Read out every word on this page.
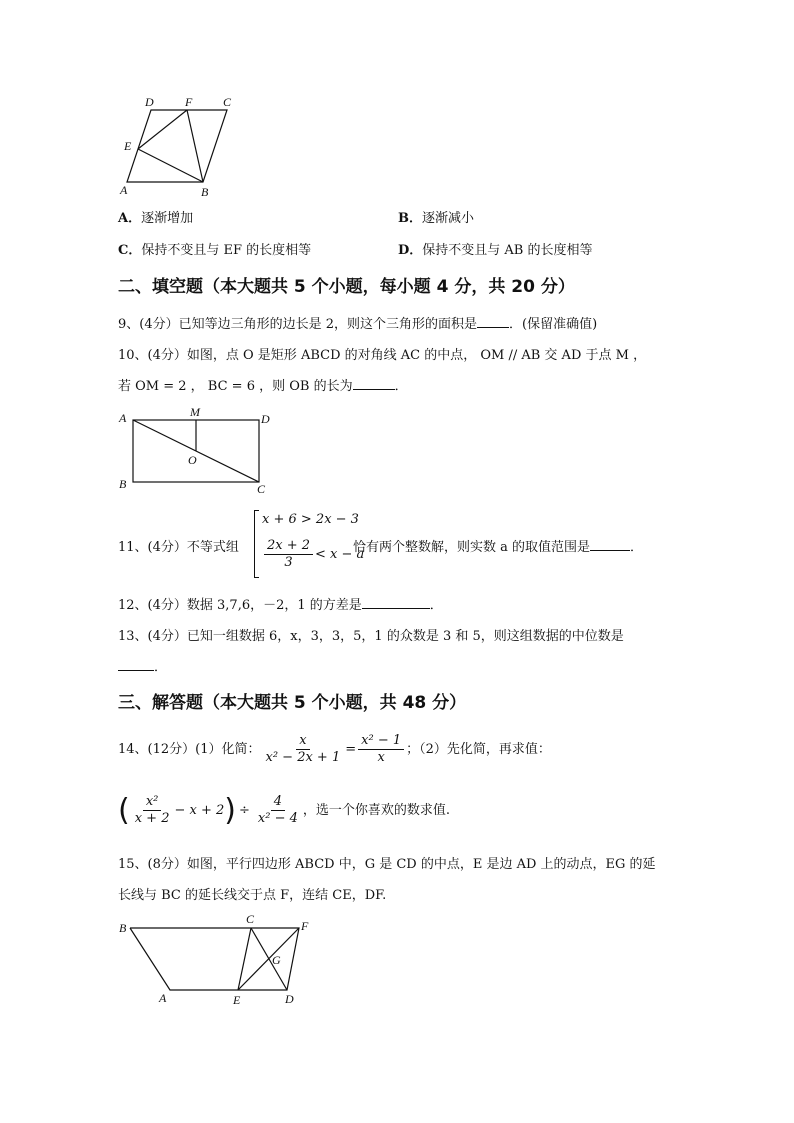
D	F	C
E
A	B
A．逐渐增加	B．逐渐减小
C．保持不变且与 EF 的长度相等	D．保持不变且与 AB 的长度相等
二、填空题（本大题共 5 个小题，每小题 4 分，共 20 分）
9、(4分）已知等边三角形的边长是 2，则这个三角形的面积是 ．(保留准确值)
10、(4分）如图，点 O 是矩形 ABCD 的对角线 AC 的中点， OM // AB 交 AD 于点 M ，
若 OM = 2 ， BC = 6 ，则 OB 的长为	．
A	M	D
O
B	C
11、(4分）不等式组
x + 6 > 2x − 3
$\frac{2x + 2}{3} < x - a$
恰有两个整数解，则实数 a 的取值范围是	．
12、(4分）数据 3,7,6，－2，1 的方差是	．
13、(4分）已知一组数据 6，x，3，3，5，1 的众数是 3 和 5，则这组数据的中位数是
．
三、解答题（本大题共 5 个小题，共 48 分）
14、(12分）(1）化简： $\frac{x}{\text{x² − 2x + 1}} = \frac{\text{x² − 1}}{x}$ ；（2）先化简，再求值：
( $\frac{\text{x²}}{x + 2} - x + 2) \div \frac{4}{\text{x² − 4}}$ ，选一个你喜欢的数求值.
15、(8分）如图，平行四边形 ABCD 中，G 是 CD 的中点，E 是边 AD 上的动点，EG 的延
长线与 BC 的延长线交于点 F，连结 CE，DF.
B
C	F
G
A	E	D
